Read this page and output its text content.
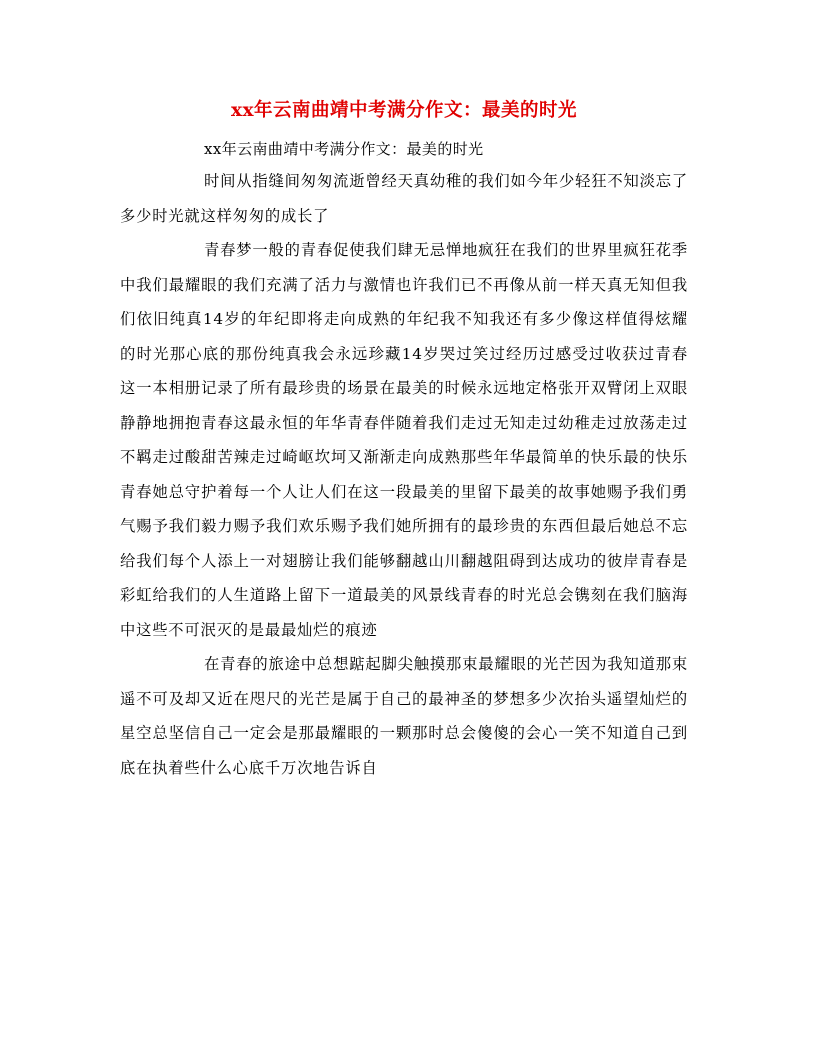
xx年云南曲靖中考满分作文：最美的时光

xx年云南曲靖中考满分作文：最美的时光

时间从指缝间匆匆流逝曾经天真幼稚的我们如今年少轻狂不知淡忘了多少时光就这样匆匆的成长了

青春梦一般的青春促使我们肆无忌惮地疯狂在我们的世界里疯狂花季中我们最耀眼的我们充满了活力与激情也许我们已不再像从前一样天真无知但我们依旧纯真14岁的年纪即将走向成熟的年纪我不知我还有多少像这样值得炫耀的时光那心底的那份纯真我会永远珍藏14岁哭过笑过经历过感受过收获过青春这一本相册记录了所有最珍贵的场景在最美的时候永远地定格张开双臂闭上双眼静静地拥抱青春这最永恒的年华青春伴随着我们走过无知走过幼稚走过放荡走过不羁走过酸甜苦辣走过崎岖坎坷又渐渐走向成熟那些年华最简单的快乐最的快乐青春她总守护着每一个人让人们在这一段最美的里留下最美的故事她赐予我们勇气赐予我们毅力赐予我们欢乐赐予我们她所拥有的最珍贵的东西但最后她总不忘给我们每个人添上一对翅膀让我们能够翻越山川翻越阻碍到达成功的彼岸青春是彩虹给我们的人生道路上留下一道最美的风景线青春的时光总会镌刻在我们脑海中这些不可泯灭的是最最灿烂的痕迹

在青春的旅途中总想踮起脚尖触摸那束最耀眼的光芒因为我知道那束遥不可及却又近在咫尺的光芒是属于自己的最神圣的梦想多少次抬头遥望灿烂的星空总坚信自己一定会是那最耀眼的一颗那时总会傻傻的会心一笑不知道自己到底在执着些什么心底千万次地告诉自
